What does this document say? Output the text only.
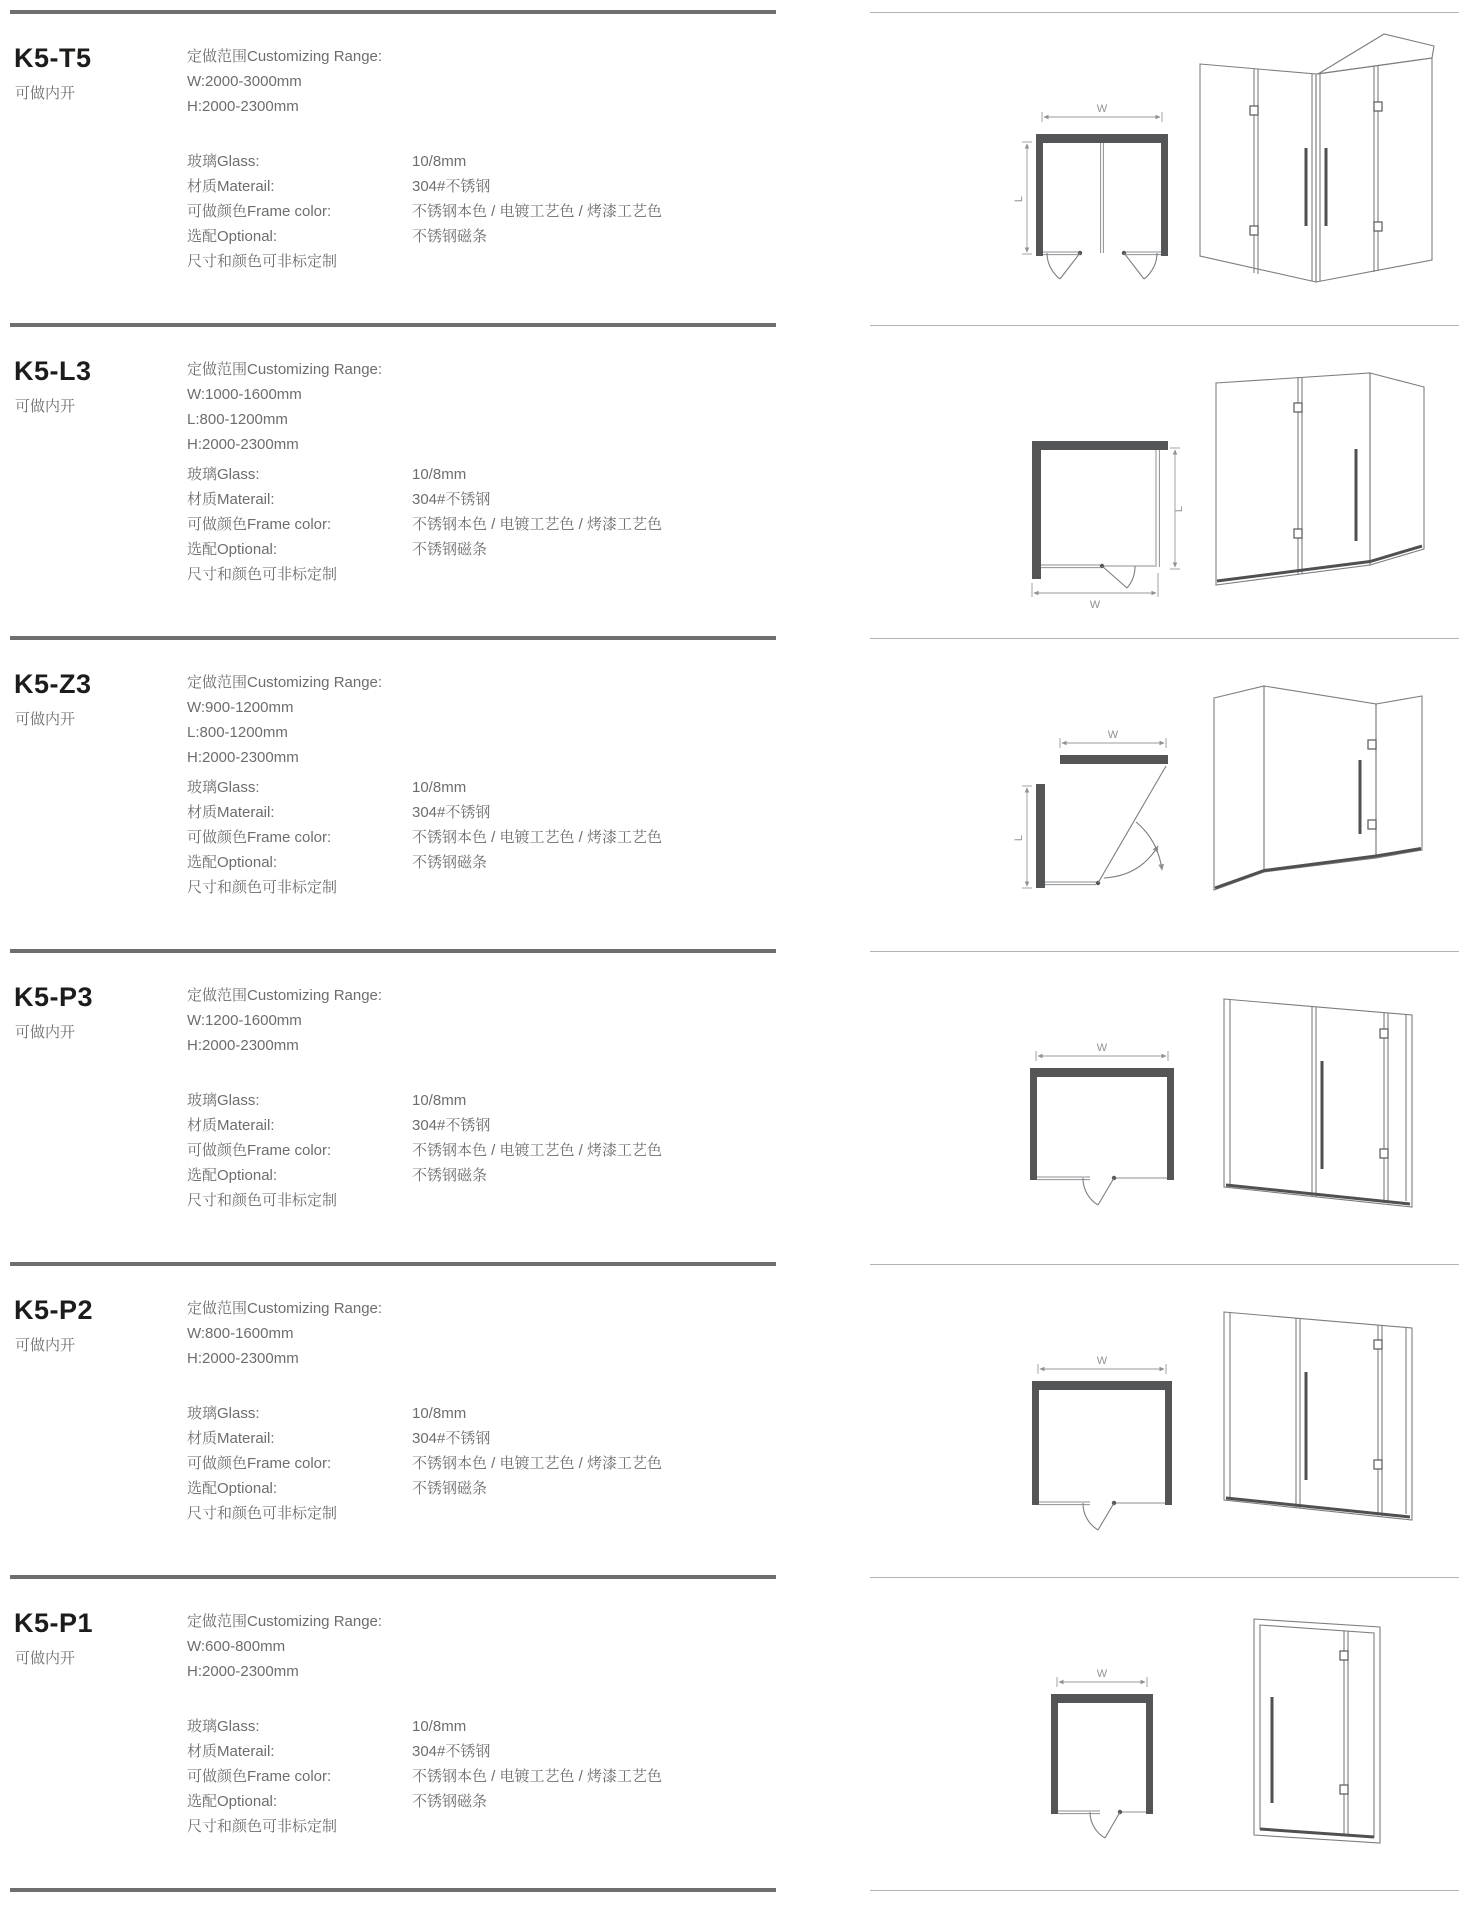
K5-T5
可做内开
定做范围Customizing Range:
W:2000-3000mm
H:2000-2300mm
玻璃Glass:	10/8mm
材质Materail:	304#不锈钢
可做颜色Frame color:	不锈钢本色 / 电镀工艺色 / 烤漆工艺色
选配Optional:	不锈钢磁条
尺寸和颜色可非标定制
W
L
K5-L3
可做内开
定做范围Customizing Range:
W:1000-1600mm
L:800-1200mm
H:2000-2300mm
玻璃Glass:	10/8mm
材质Materail:	304#不锈钢
可做颜色Frame color:	不锈钢本色 / 电镀工艺色 / 烤漆工艺色
选配Optional:	不锈钢磁条
尺寸和颜色可非标定制
L
W
K5-Z3
可做内开
定做范围Customizing Range:
W:900-1200mm
L:800-1200mm
H:2000-2300mm
玻璃Glass:	10/8mm
材质Materail:	304#不锈钢
可做颜色Frame color:	不锈钢本色 / 电镀工艺色 / 烤漆工艺色
选配Optional:	不锈钢磁条
尺寸和颜色可非标定制
W
L
K5-P3
可做内开
定做范围Customizing Range:
W:1200-1600mm
H:2000-2300mm
玻璃Glass:	10/8mm
材质Materail:	304#不锈钢
可做颜色Frame color:	不锈钢本色 / 电镀工艺色 / 烤漆工艺色
选配Optional:	不锈钢磁条
尺寸和颜色可非标定制
W
K5-P2
可做内开
定做范围Customizing Range:
W:800-1600mm
H:2000-2300mm
玻璃Glass:	10/8mm
材质Materail:	304#不锈钢
可做颜色Frame color:	不锈钢本色 / 电镀工艺色 / 烤漆工艺色
选配Optional:	不锈钢磁条
尺寸和颜色可非标定制
W
K5-P1
可做内开
定做范围Customizing Range:
W:600-800mm
H:2000-2300mm
玻璃Glass:	10/8mm
材质Materail:	304#不锈钢
可做颜色Frame color:	不锈钢本色 / 电镀工艺色 / 烤漆工艺色
选配Optional:	不锈钢磁条
尺寸和颜色可非标定制
W
